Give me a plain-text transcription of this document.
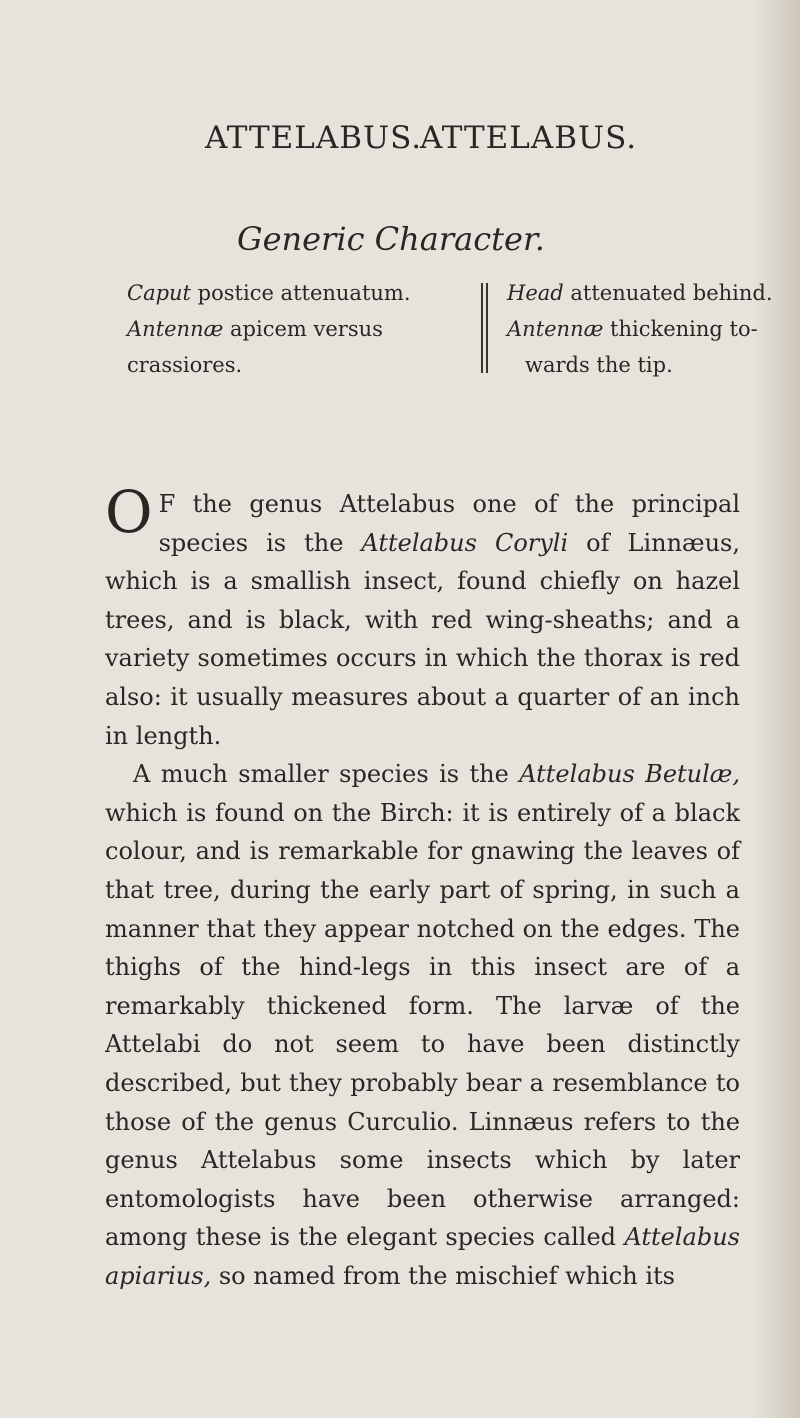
ATTELABUS.
ATTELABUS.
Generic Character.
Caput postice attenuatum.
Antennæ apicem versus
crassiores.
Head attenuated behind.
Antennæ thickening to-
wards the tip.

O F the genus Attelabus one of the principal species is the Attelabus Coryli of Linnæus, which is a smallish insect, found chiefly on hazel trees, and is black, with red wing-sheaths; and a variety sometimes occurs in which the thorax is red also: it usually measures about a quarter of an inch in length.

A much smaller species is the Attelabus Betulæ, which is found on the Birch: it is entirely of a black colour, and is remarkable for gnawing the leaves of that tree, during the early part of spring, in such a manner that they appear notched on the edges. The thighs of the hind-legs in this insect are of a remarkably thickened form. The larvæ of the Attelabi do not seem to have been distinctly described, but they probably bear a resemblance to those of the genus Curculio. Linnæus refers to the genus Attelabus some insects which by later entomologists have been otherwise arranged: among these is the elegant species called Attelabus apiarius, so named from the mischief which its
